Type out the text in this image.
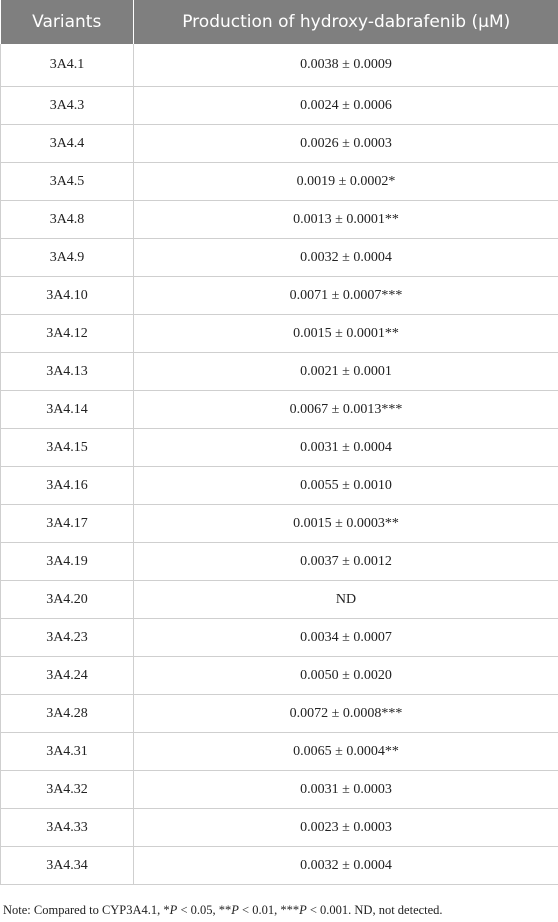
Variants	Production of hydroxy-dabrafenib (μM)
3A4.1	0.0038 ± 0.0009
3A4.3	0.0024 ± 0.0006
3A4.4	0.0026 ± 0.0003
3A4.5	0.0019 ± 0.0002*
3A4.8	0.0013 ± 0.0001**
3A4.9	0.0032 ± 0.0004
3A4.10	0.0071 ± 0.0007***
3A4.12	0.0015 ± 0.0001**
3A4.13	0.0021 ± 0.0001
3A4.14	0.0067 ± 0.0013***
3A4.15	0.0031 ± 0.0004
3A4.16	0.0055 ± 0.0010
3A4.17	0.0015 ± 0.0003**
3A4.19	0.0037 ± 0.0012
3A4.20	ND
3A4.23	0.0034 ± 0.0007
3A4.24	0.0050 ± 0.0020
3A4.28	0.0072 ± 0.0008***
3A4.31	0.0065 ± 0.0004**
3A4.32	0.0031 ± 0.0003
3A4.33	0.0023 ± 0.0003
3A4.34	0.0032 ± 0.0004
Note: Compared to CYP3A4.1, *P < 0.05, **P < 0.01, ***P < 0.001. ND, not detected.
